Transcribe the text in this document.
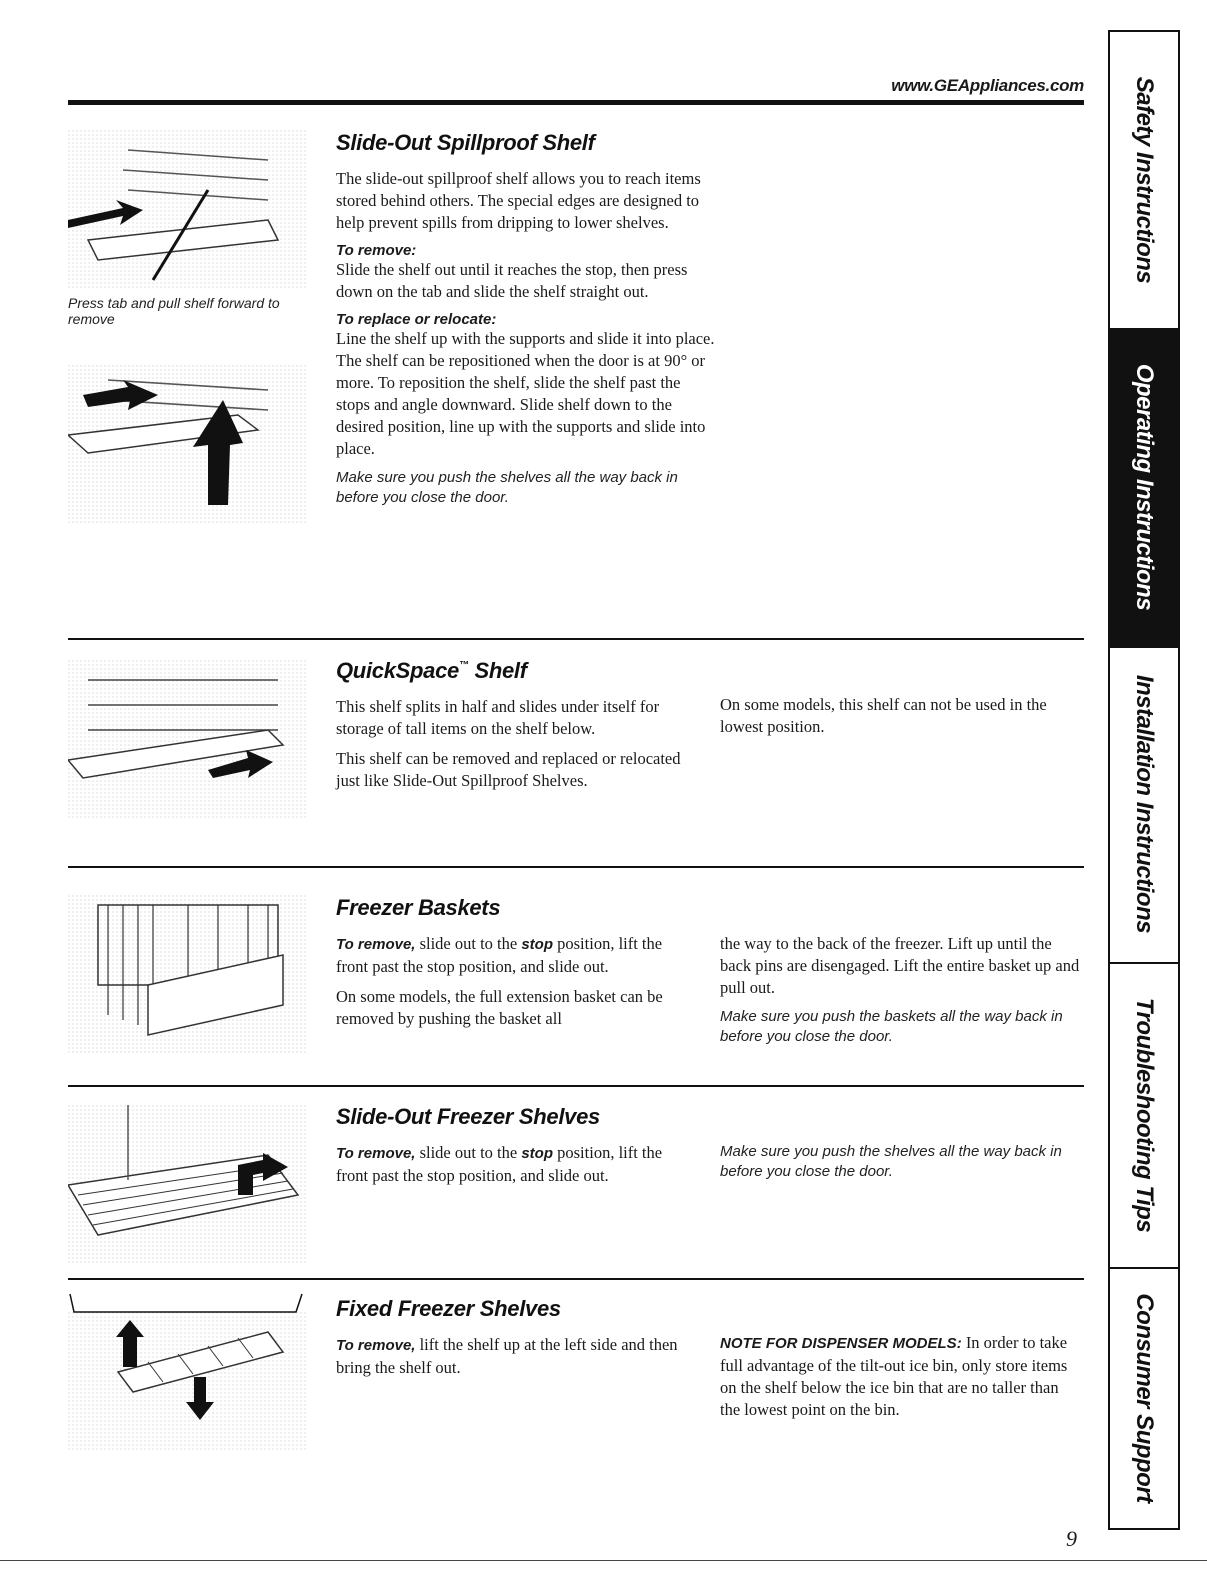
www.GEAppliances.com
Press tab and pull shelf forward to remove
Slide-Out Spillproof Shelf

The slide-out spillproof shelf allows you to reach items stored behind others. The special edges are designed to help prevent spills from dripping to lower shelves.

To remove:

Slide the shelf out until it reaches the stop, then press down on the tab and slide the shelf straight out.

To replace or relocate:

Line the shelf up with the supports and slide it into place. The shelf can be repositioned when the door is at 90° or more. To reposition the shelf, slide the shelf past the stops and angle downward. Slide shelf down to the desired position, line up with the supports and slide into place.

Make sure you push the shelves all the way back in before you close the door.

QuickSpace™ Shelf

This shelf splits in half and slides under itself for storage of tall items on the shelf below.

This shelf can be removed and replaced or relocated just like Slide-Out Spillproof Shelves.

On some models, this shelf can not be used in the lowest position.

Freezer Baskets

To remove, slide out to the stop position, lift the front past the stop position, and slide out.

On some models, the full extension basket can be removed by pushing the basket all

the way to the back of the freezer. Lift up until the back pins are disengaged. Lift the entire basket up and pull out.

Make sure you push the baskets all the way back in before you close the door.

Slide-Out Freezer Shelves

To remove, slide out to the stop position, lift the front past the stop position, and slide out.

Make sure you push the shelves all the way back in before you close the door.

Fixed Freezer Shelves

To remove, lift the shelf up at the left side and then bring the shelf out.

NOTE FOR DISPENSER MODELS: In order to take full advantage of the tilt-out ice bin, only store items on the shelf below the ice bin that are no taller than the lowest point on the bin.

Safety Instructions
Operating Instructions
Installation Instructions
Troubleshooting Tips
Consumer Support
9
